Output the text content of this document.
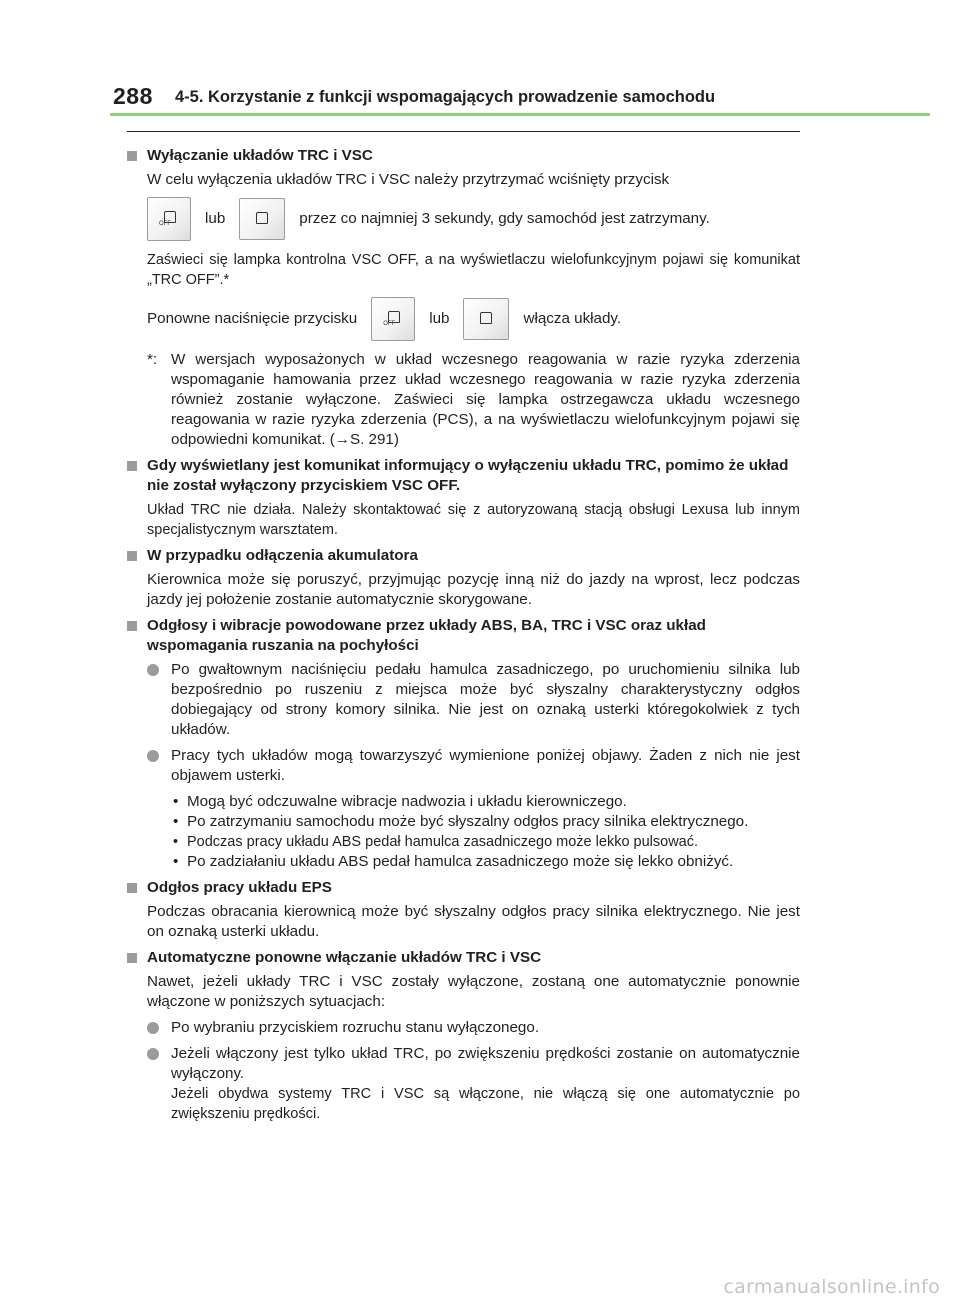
288 4-5. Korzystanie z funkcji wspomagających prowadzenie samochodu
Wyłączanie układów TRC i VSC
W celu wyłączenia układów TRC i VSC należy przytrzymać wciśnięty przycisk
OFF lub	przez co najmniej 3 sekundy, gdy samochód jest zatrzymany.
Zaświeci się lampka kontrolna VSC OFF, a na wyświetlaczu wielofunkcyjnym pojawi się komunikat „TRC OFF”.*
Ponowne naciśnięcie przycisku	OFF lub	włącza układy.
*: W wersjach wyposażonych w układ wczesnego reagowania w razie ryzyka zderzenia wspomaganie hamowania przez układ wczesnego reagowania w razie ryzyka zderzenia również zostanie wyłączone. Zaświeci się lampka ostrzegawcza układu wczesnego reagowania w razie ryzyka zderzenia (PCS), a na wyświetlaczu wielofunkcyjnym pojawi się odpowiedni komunikat. (→S. 291)
Gdy wyświetlany jest komunikat informujący o wyłączeniu układu TRC, pomimo że układ nie został wyłączony przyciskiem VSC OFF.
Układ TRC nie działa. Należy skontaktować się z autoryzowaną stacją obsługi Lexusa lub innym specjalistycznym warsztatem.
W przypadku odłączenia akumulatora
Kierownica może się poruszyć, przyjmując pozycję inną niż do jazdy na wprost, lecz podczas jazdy jej położenie zostanie automatycznie skorygowane.
Odgłosy i wibracje powodowane przez układy ABS, BA, TRC i VSC oraz układ wspomagania ruszania na pochyłości
Po gwałtownym naciśnięciu pedału hamulca zasadniczego, po uruchomieniu silnika lub bezpośrednio po ruszeniu z miejsca może być słyszalny charakterystyczny odgłos dobiegający od strony komory silnika. Nie jest on oznaką usterki któregokolwiek z tych układów.
Pracy tych układów mogą towarzyszyć wymienione poniżej objawy. Żaden z nich nie jest objawem usterki.
• Mogą być odczuwalne wibracje nadwozia i układu kierowniczego.
• Po zatrzymaniu samochodu może być słyszalny odgłos pracy silnika elektrycznego.
• Podczas pracy układu ABS pedał hamulca zasadniczego może lekko pulsować.
• Po zadziałaniu układu ABS pedał hamulca zasadniczego może się lekko obniżyć.
Odgłos pracy układu EPS
Podczas obracania kierownicą może być słyszalny odgłos pracy silnika elektrycznego. Nie jest on oznaką usterki układu.
Automatyczne ponowne włączanie układów TRC i VSC
Nawet, jeżeli układy TRC i VSC zostały wyłączone, zostaną one automatycznie ponownie włączone w poniższych sytuacjach:
Po wybraniu przyciskiem rozruchu stanu wyłączonego.
Jeżeli włączony jest tylko układ TRC, po zwiększeniu prędkości zostanie on automatycznie wyłączony.
Jeżeli obydwa systemy TRC i VSC są włączone, nie włączą się one automatycznie po zwiększeniu prędkości.
carmanualsonline.info
